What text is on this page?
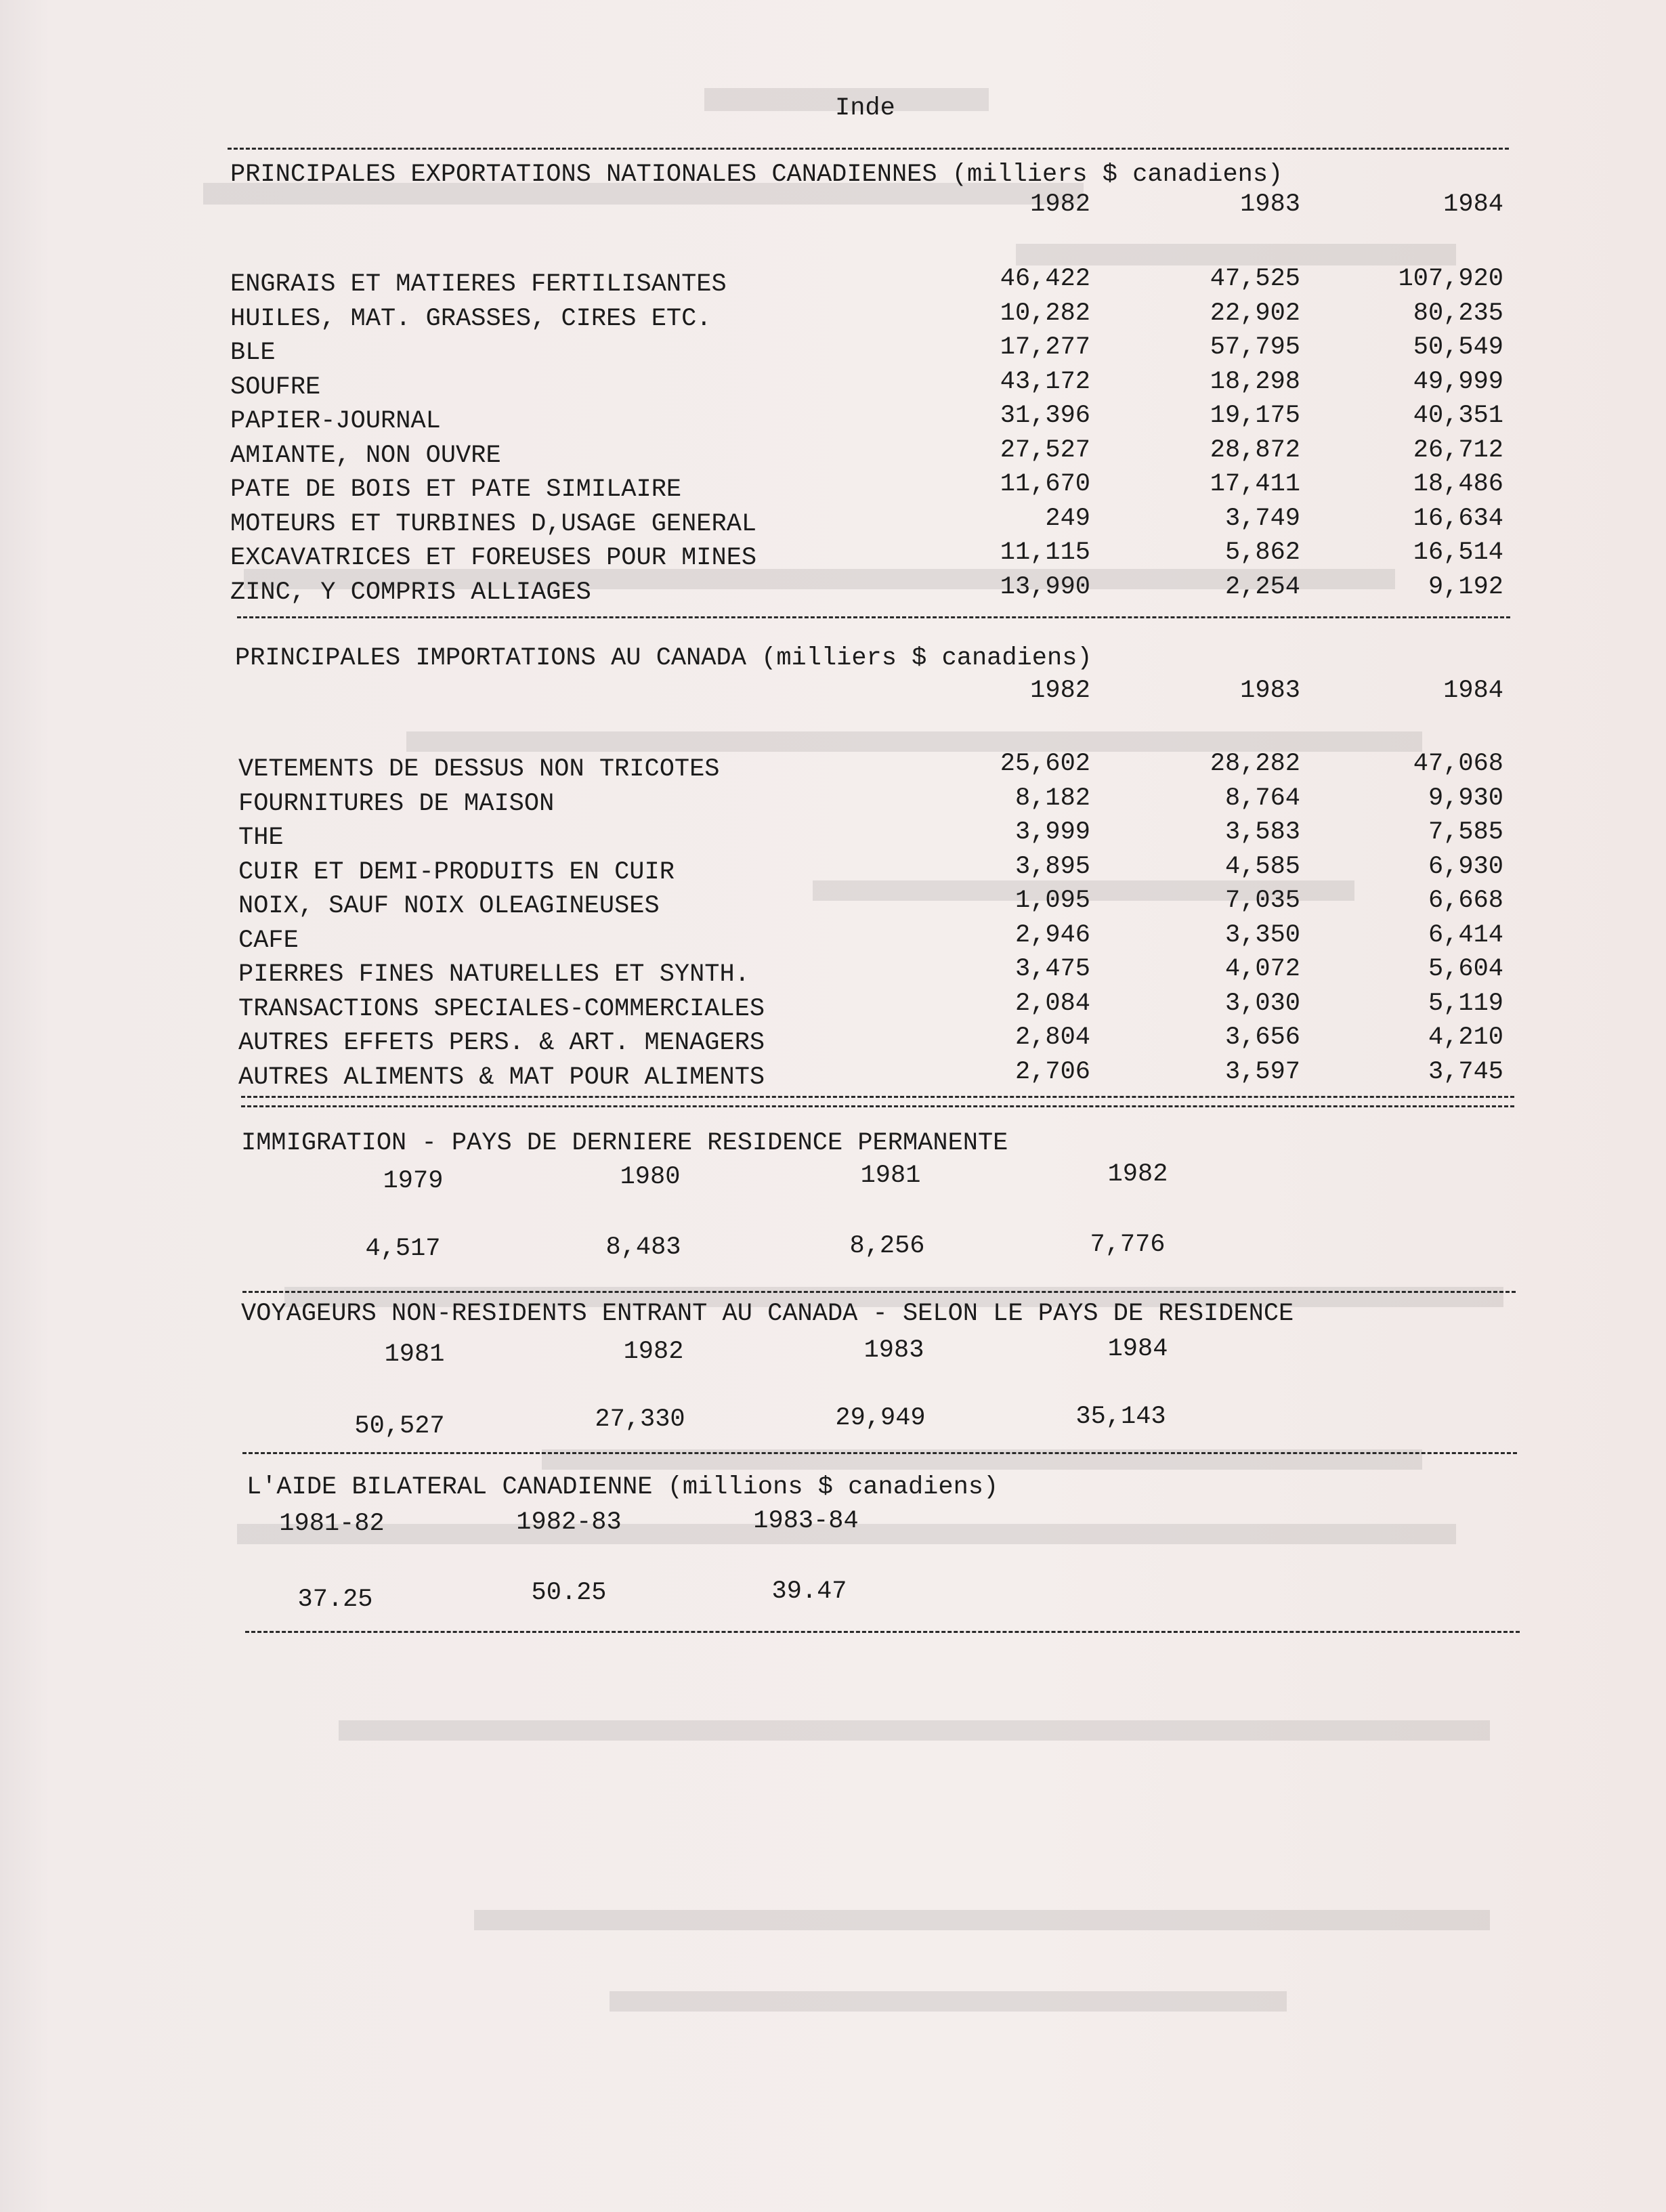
Inde
PRINCIPALES EXPORTATIONS NATIONALES CANADIENNES (milliers $ canadiens)
1982	1983	1984
ENGRAIS ET MATIERES FERTILISANTES	46,422	47,525	107,920
HUILES, MAT. GRASSES, CIRES ETC.	10,282	22,902	80,235
BLE	17,277	57,795	50,549
SOUFRE	43,172	18,298	49,999
PAPIER-JOURNAL	31,396	19,175	40,351
AMIANTE, NON OUVRE	27,527	28,872	26,712
PATE DE BOIS ET PATE SIMILAIRE	11,670	17,411	18,486
MOTEURS ET TURBINES D,USAGE GENERAL	249	3,749	16,634
EXCAVATRICES ET FOREUSES POUR MINES	11,115	5,862	16,514
ZINC, Y COMPRIS ALLIAGES	13,990	2,254	9,192
PRINCIPALES IMPORTATIONS AU CANADA (milliers $ canadiens)
1982	1983	1984
VETEMENTS DE DESSUS NON TRICOTES	25,602	28,282	47,068
FOURNITURES DE MAISON	8,182	8,764	9,930
THE	3,999	3,583	7,585
CUIR ET DEMI-PRODUITS EN CUIR	3,895	4,585	6,930
NOIX, SAUF NOIX OLEAGINEUSES	1,095	7,035	6,668
CAFE	2,946	3,350	6,414
PIERRES FINES NATURELLES ET SYNTH.	3,475	4,072	5,604
TRANSACTIONS SPECIALES-COMMERCIALES	2,084	3,030	5,119
AUTRES EFFETS PERS. & ART. MENAGERS	2,804	3,656	4,210
AUTRES ALIMENTS & MAT POUR ALIMENTS	2,706	3,597	3,745
IMMIGRATION - PAYS DE DERNIERE RESIDENCE PERMANENTE
1979	1980	1981	1982
4,517	8,483	8,256	7,776
VOYAGEURS NON-RESIDENTS ENTRANT AU CANADA - SELON LE PAYS DE RESIDENCE
1981	1982	1983	1984
50,527	27,330	29,949	35,143
L'AIDE BILATERAL CANADIENNE (millions $ canadiens)
1981-82	1982-83	1983-84
37.25	50.25	39.47
